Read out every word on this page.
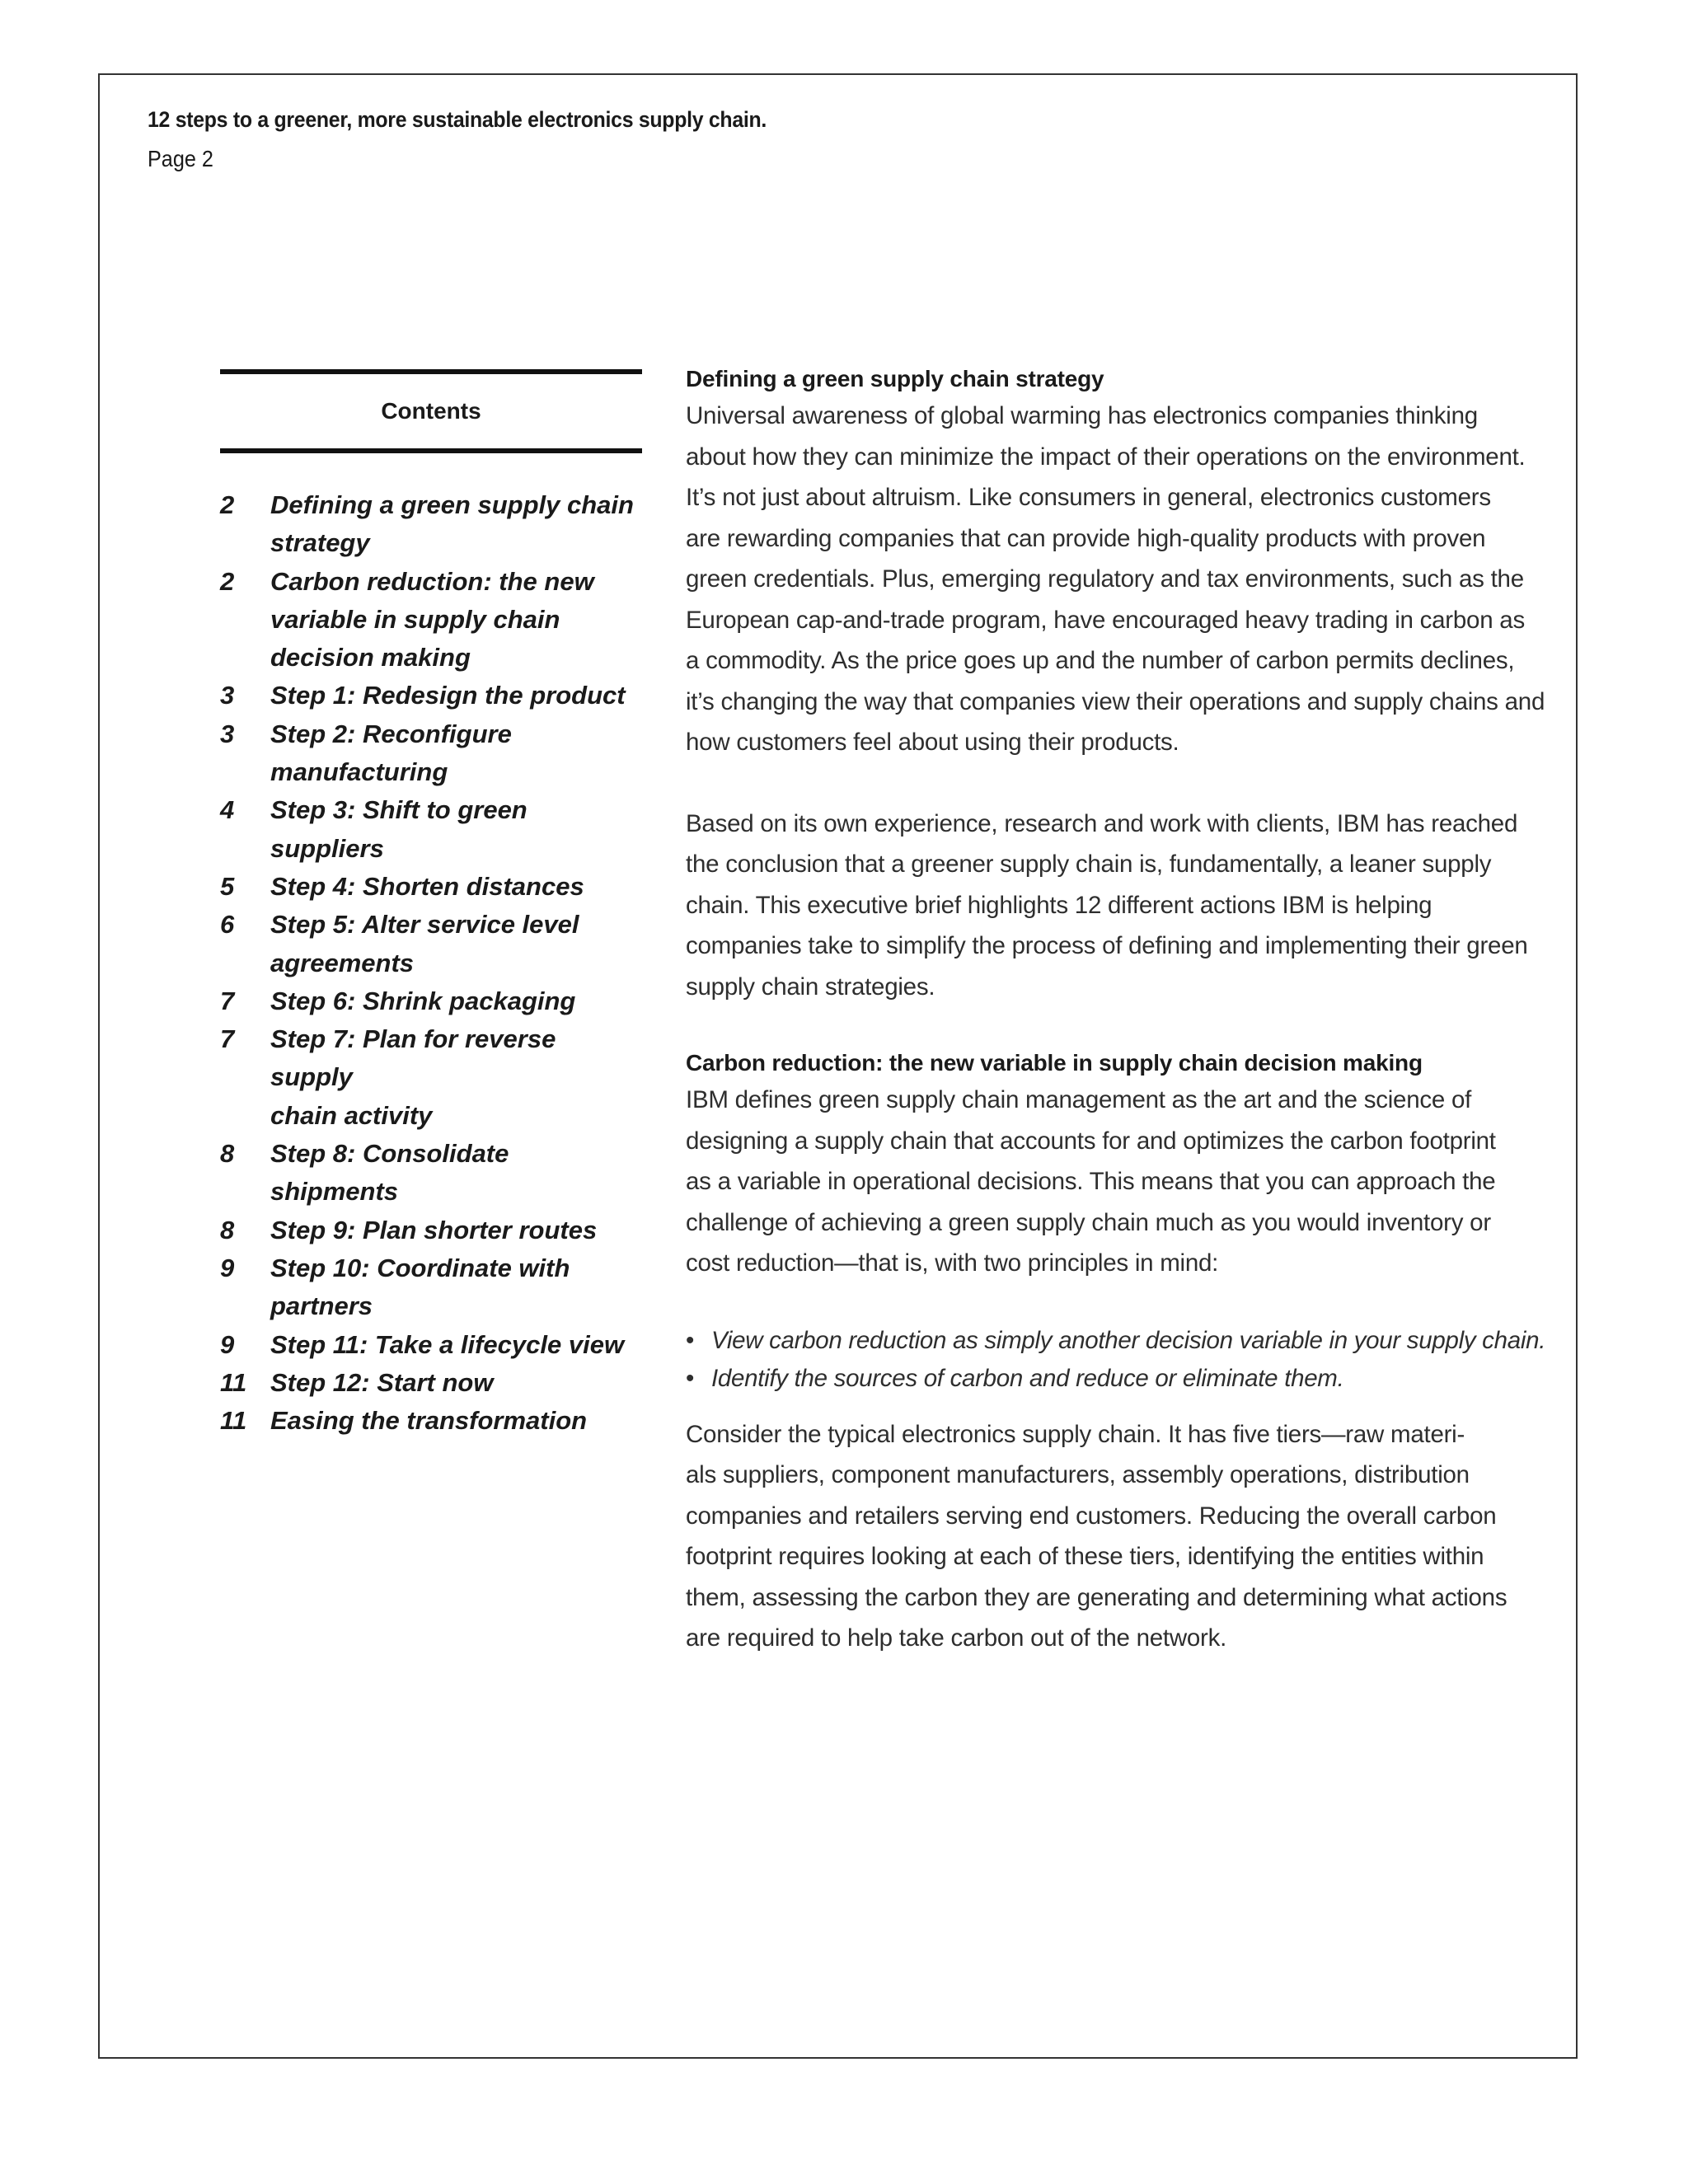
12 steps to a greener, more sustainable electronics supply chain.
Page 2
Contents
2	Defining a green supply chain
strategy
2	Carbon reduction: the new
variable in supply chain
decision making
3	Step 1: Redesign the product
3	Step 2: Reconfigure
manufacturing
4	Step 3: Shift to green suppliers
5	Step 4: Shorten distances
6	Step 5: Alter service level
agreements
7	Step 6: Shrink packaging
7	Step 7: Plan for reverse supply
chain activity
8	Step 8: Consolidate shipments
8	Step 9: Plan shorter routes
9	Step 10: Coordinate with
partners
9	Step 11: Take a lifecycle view
11 Step 12: Start now
11 Easing the transformation
Defining a green supply chain strategy

Universal awareness of global warming has electronics companies thinking
about how they can minimize the impact of their operations on the environment.
It’s not just about altruism. Like consumers in general, electronics customers
are rewarding companies that can provide high-quality products with proven
green credentials. Plus, emerging regulatory and tax environments, such as the
European cap-and-trade program, have encouraged heavy trading in carbon as
a commodity. As the price goes up and the number of carbon permits declines,
it’s changing the way that companies view their operations and supply chains and
how customers feel about using their products.

Based on its own experience, research and work with clients, IBM has reached
the conclusion that a greener supply chain is, fundamentally, a leaner supply
chain. This executive brief highlights 12 different actions IBM is helping
companies take to simplify the process of defining and implementing their green
supply chain strategies.

Carbon reduction: the new variable in supply chain decision making

IBM defines green supply chain management as the art and the science of
designing a supply chain that accounts for and optimizes the carbon footprint
as a variable in operational decisions. This means that you can approach the
challenge of achieving a green supply chain much as you would inventory or
cost reduction—that is, with two principles in mind:

• View carbon reduction as simply another decision variable in your supply chain.
• Identify the sources of carbon and reduce or eliminate them.

Consider the typical electronics supply chain. It has five tiers—raw materi-
als suppliers, component manufacturers, assembly operations, distribution
companies and retailers serving end customers. Reducing the overall carbon
footprint requires looking at each of these tiers, identifying the entities within
them, assessing the carbon they are generating and determining what actions
are required to help take carbon out of the network.
